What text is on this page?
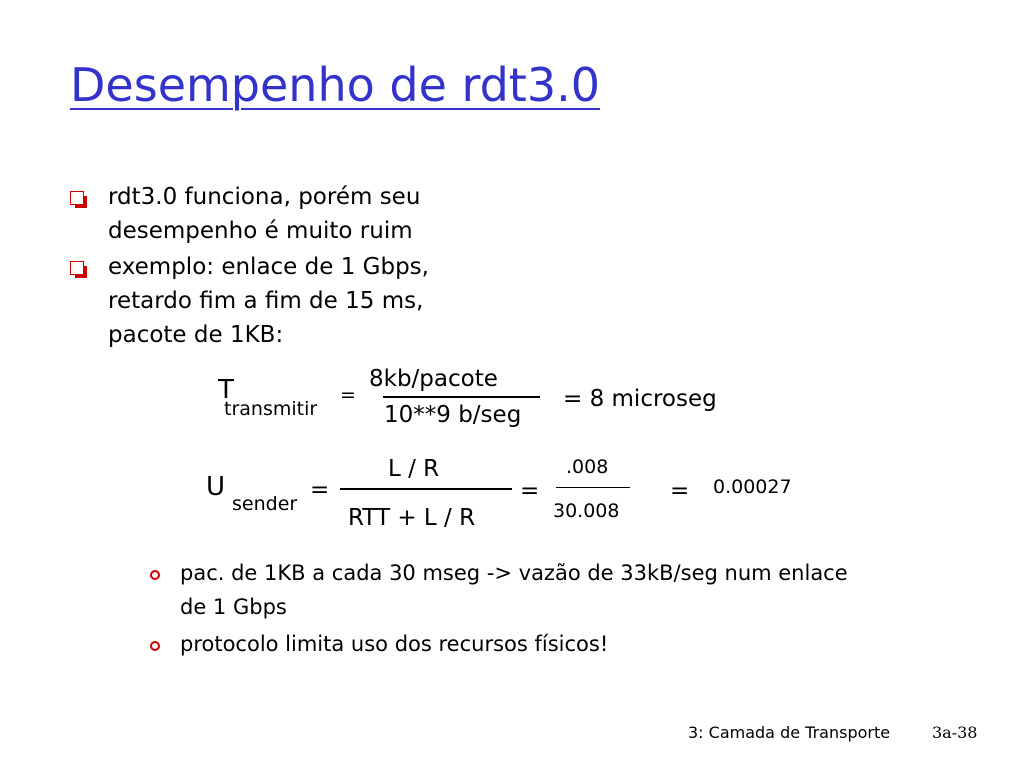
Desempenho de rdt3.0
rdt3.0 funciona, porém seu
desempenho é muito ruim
exemplo: enlace de 1 Gbps,
retardo fim a fim de 15 ms,
pacote de 1KB:
T
transmitir
=
8kb/pacote
10**9 b/seg
= 8 microseg
U
sender
=
L / R
RTT + L / R
=
.008
30.008
= 0.00027
pac. de 1KB a cada 30 mseg -> vazão de 33kB/seg num enlace
de 1 Gbps
protocolo limita uso dos recursos físicos!
3: Camada de Transporte	3a-38
